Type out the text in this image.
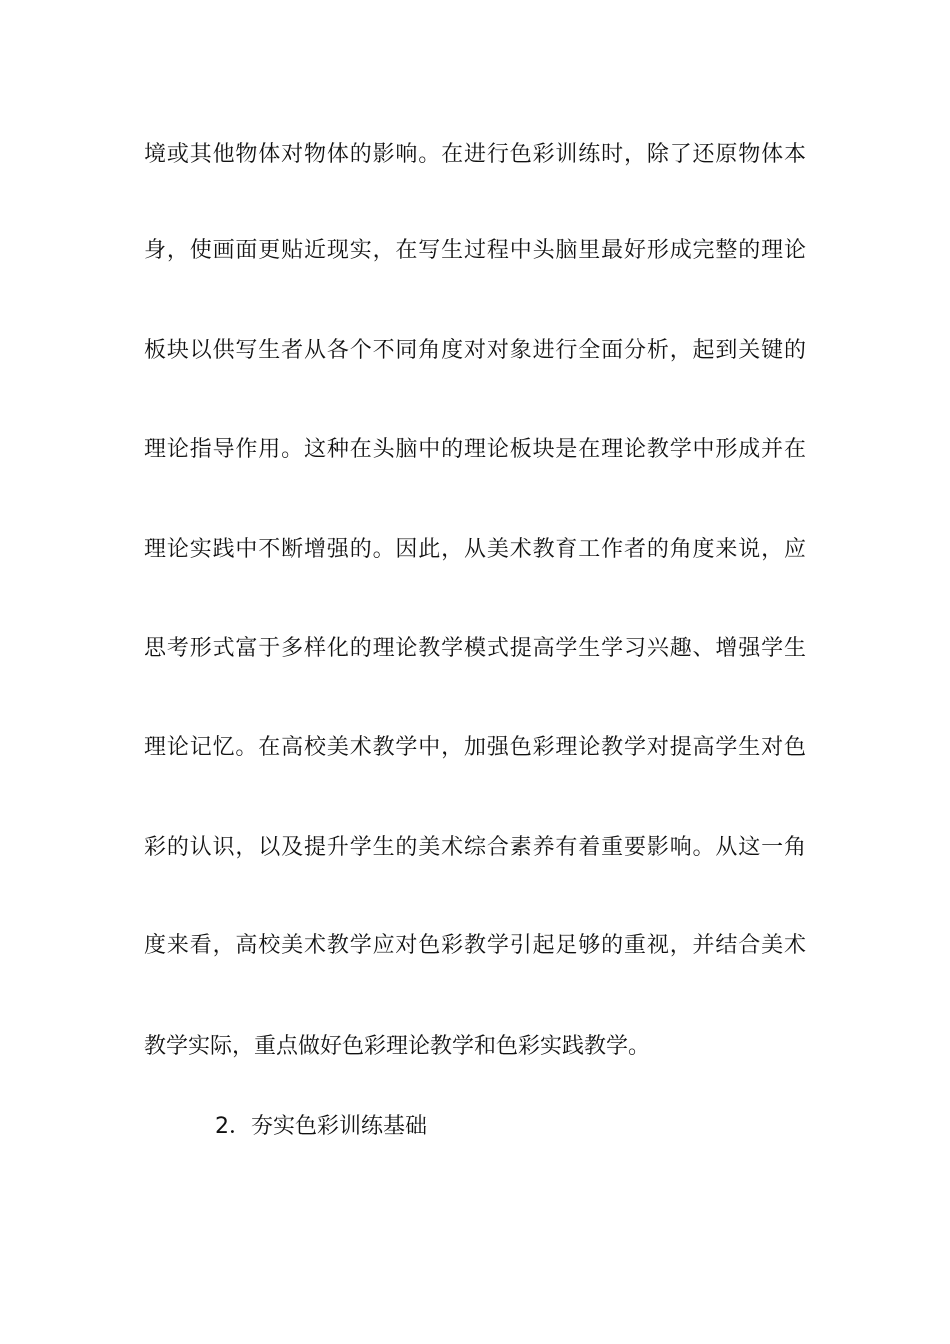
境或其他物体对物体的影响。在进行色彩训练时，除了还原物体本
身，使画面更贴近现实，在写生过程中头脑里最好形成完整的理论
板块以供写生者从各个不同角度对对象进行全面分析，起到关键的
理论指导作用。这种在头脑中的理论板块是在理论教学中形成并在
理论实践中不断增强的。因此，从美术教育工作者的角度来说，应
思考形式富于多样化的理论教学模式提高学生学习兴趣、增强学生
理论记忆。在高校美术教学中，加强色彩理论教学对提高学生对色
彩的认识，以及提升学生的美术综合素养有着重要影响。从这一角
度来看，高校美术教学应对色彩教学引起足够的重视，并结合美术
教学实际，重点做好色彩理论教学和色彩实践教学。
2．夯实色彩训练基础
